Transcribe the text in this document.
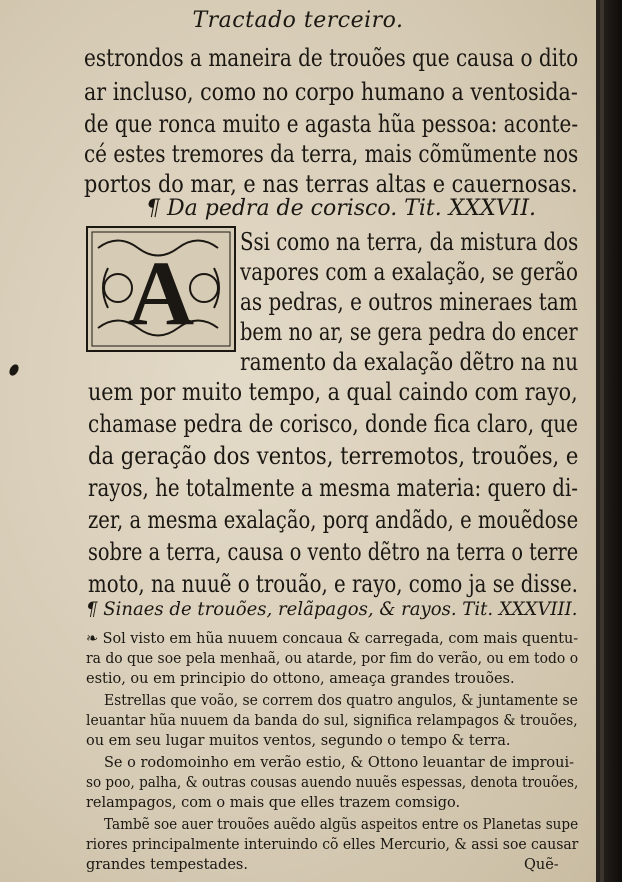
Tractado terceiro.
estrondos a maneira de trouões que causa o dito
ar incluso, como no corpo humano a ventosida-
de que ronca muito e agasta hũa pessoa: aconte-
cé estes tremores da terra, mais cõmũmente nos
portos do mar, e nas terras altas e cauernosas.
¶ Da pedra de corisco. Tit. XXXVII.
A Ssi como na terra, da mistura dos
vapores com a exalação, se gerão
as pedras, e outros mineraes tam
bem no ar, se gera pedra do encer
ramento da exalação dẽtro na nu
uem por muito tempo, a qual caindo com rayo,
chamase pedra de corisco, donde fica claro, que
da geração dos ventos, terremotos, trouões, e
rayos, he totalmente a mesma materia: quero di-
zer, a mesma exalação, porq andãdo, e mouẽdose
sobre a terra, causa o vento dẽtro na terra o terre
moto, na nuuẽ o trouão, e rayo, como ja se disse.
¶ Sinaes de trouões, relãpagos, & rayos. Tit. XXXVIII.
❧ Sol visto em hũa nuuem concaua & carregada, com mais quentu-
ra do que soe pela menhaã, ou atarde, por fim do verão, ou em todo o
estio, ou em principio do ottono, ameaça grandes trouões.
Estrellas que voão, se correm dos quatro angulos, & juntamente se
leuantar hũa nuuem da banda do sul, significa relampagos & trouões,
ou em seu lugar muitos ventos, segundo o tempo & terra.
Se o rodomoinho em verão estio, & Ottono leuantar de improui-
so poo, palha, & outras cousas auendo nuuẽs espessas, denota trouões,
relampagos, com o mais que elles trazem comsigo.
Tambẽ soe auer trouões auẽdo algũs aspeitos entre os Planetas supe
riores principalmente interuindo cõ elles Mercurio, & assi soe causar
grandes tempestades.	Quẽ-
